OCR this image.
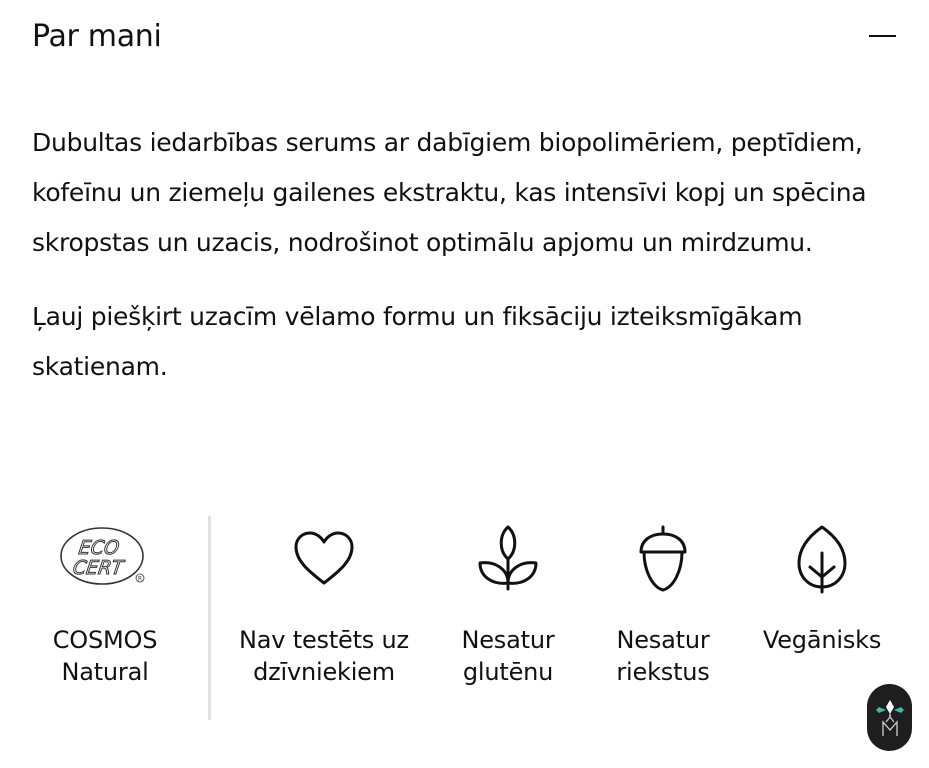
Par mani

Dubultas iedarbības serums ar dabīgiem biopolimēriem, peptīdiem, kofeīnu un ziemeļu gailenes ekstraktu, kas intensīvi kopj un spēcina skropstas un uzacis, nodrošinot optimālu apjomu un mirdzumu.

Ļauj piešķirt uzacīm vēlamo formu un fiksāciju izteiksmīgākam skatienam.

ECO
CERT
R
COSMOS Natural
Nav testēts uz dzīvniekiem
Nesatur glutēnu
Nesatur riekstus
Vegānisks
